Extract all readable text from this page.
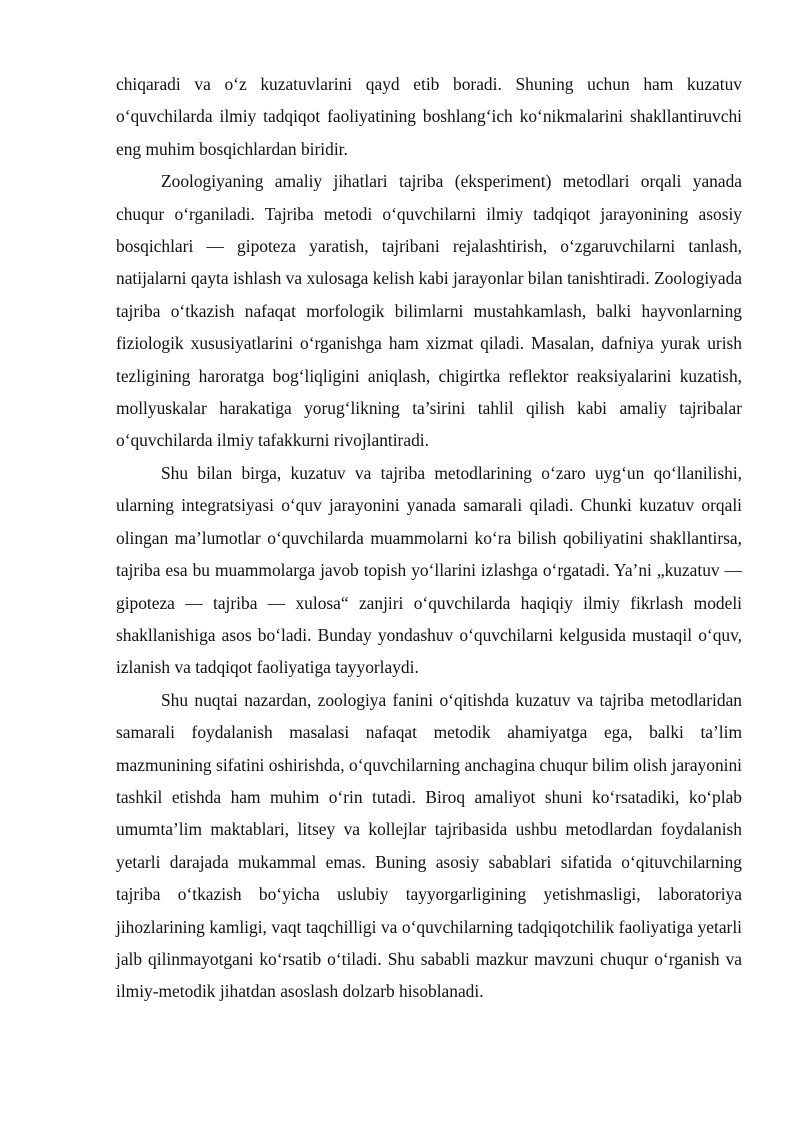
chiqaradi va o‘z kuzatuvlarini qayd etib boradi. Shuning uchun ham kuzatuv o‘quvchilarda ilmiy tadqiqot faoliyatining boshlang‘ich ko‘nikmalarini shakllantiruvchi eng muhim bosqichlardan biridir.

Zoologiyaning amaliy jihatlari tajriba (eksperiment) metodlari orqali yanada chuqur o‘rganiladi. Tajriba metodi o‘quvchilarni ilmiy tadqiqot jarayonining asosiy bosqichlari — gipoteza yaratish, tajribani rejalashtirish, o‘zgaruvchilarni tanlash, natijalarni qayta ishlash va xulosaga kelish kabi jarayonlar bilan tanishtiradi. Zoologiyada tajriba o‘tkazish nafaqat morfologik bilimlarni mustahkamlash, balki hayvonlarning fiziologik xususiyatlarini o‘rganishga ham xizmat qiladi. Masalan, dafniya yurak urish tezligining haroratga bog‘liqligini aniqlash, chigirtka reflektor reaksiyalarini kuzatish, mollyuskalar harakatiga yorug‘likning ta’sirini tahlil qilish kabi amaliy tajribalar o‘quvchilarda ilmiy tafakkurni rivojlantiradi.

Shu bilan birga, kuzatuv va tajriba metodlarining o‘zaro uyg‘un qo‘llanilishi, ularning integratsiyasi o‘quv jarayonini yanada samarali qiladi. Chunki kuzatuv orqali olingan ma’lumotlar o‘quvchilarda muammolarni ko‘ra bilish qobiliyatini shakllantirsa, tajriba esa bu muammolarga javob topish yo‘llarini izlashga o‘rgatadi. Ya’ni „kuzatuv — gipoteza — tajriba — xulosa“ zanjiri o‘quvchilarda haqiqiy ilmiy fikrlash modeli shakllanishiga asos bo‘ladi. Bunday yondashuv o‘quvchilarni kelgusida mustaqil o‘quv, izlanish va tadqiqot faoliyatiga tayyorlaydi.

Shu nuqtai nazardan, zoologiya fanini o‘qitishda kuzatuv va tajriba metodlaridan samarali foydalanish masalasi nafaqat metodik ahamiyatga ega, balki ta’lim mazmunining sifatini oshirishda, o‘quvchilarning anchagina chuqur bilim olish jarayonini tashkil etishda ham muhim o‘rin tutadi. Biroq amaliyot shuni ko‘rsatadiki, ko‘plab umumta’lim maktablari, litsey va kollejlar tajribasida ushbu metodlardan foydalanish yetarli darajada mukammal emas. Buning asosiy sabablari sifatida o‘qituvchilarning tajriba o‘tkazish bo‘yicha uslubiy tayyorgarligining yetishmasligi, laboratoriya jihozlarining kamligi, vaqt taqchilligi va o‘quvchilarning tadqiqotchilik faoliyatiga yetarli jalb qilinmayotgani ko‘rsatib o‘tiladi. Shu sababli mazkur mavzuni chuqur o‘rganish va ilmiy-metodik jihatdan asoslash dolzarb hisoblanadi.
